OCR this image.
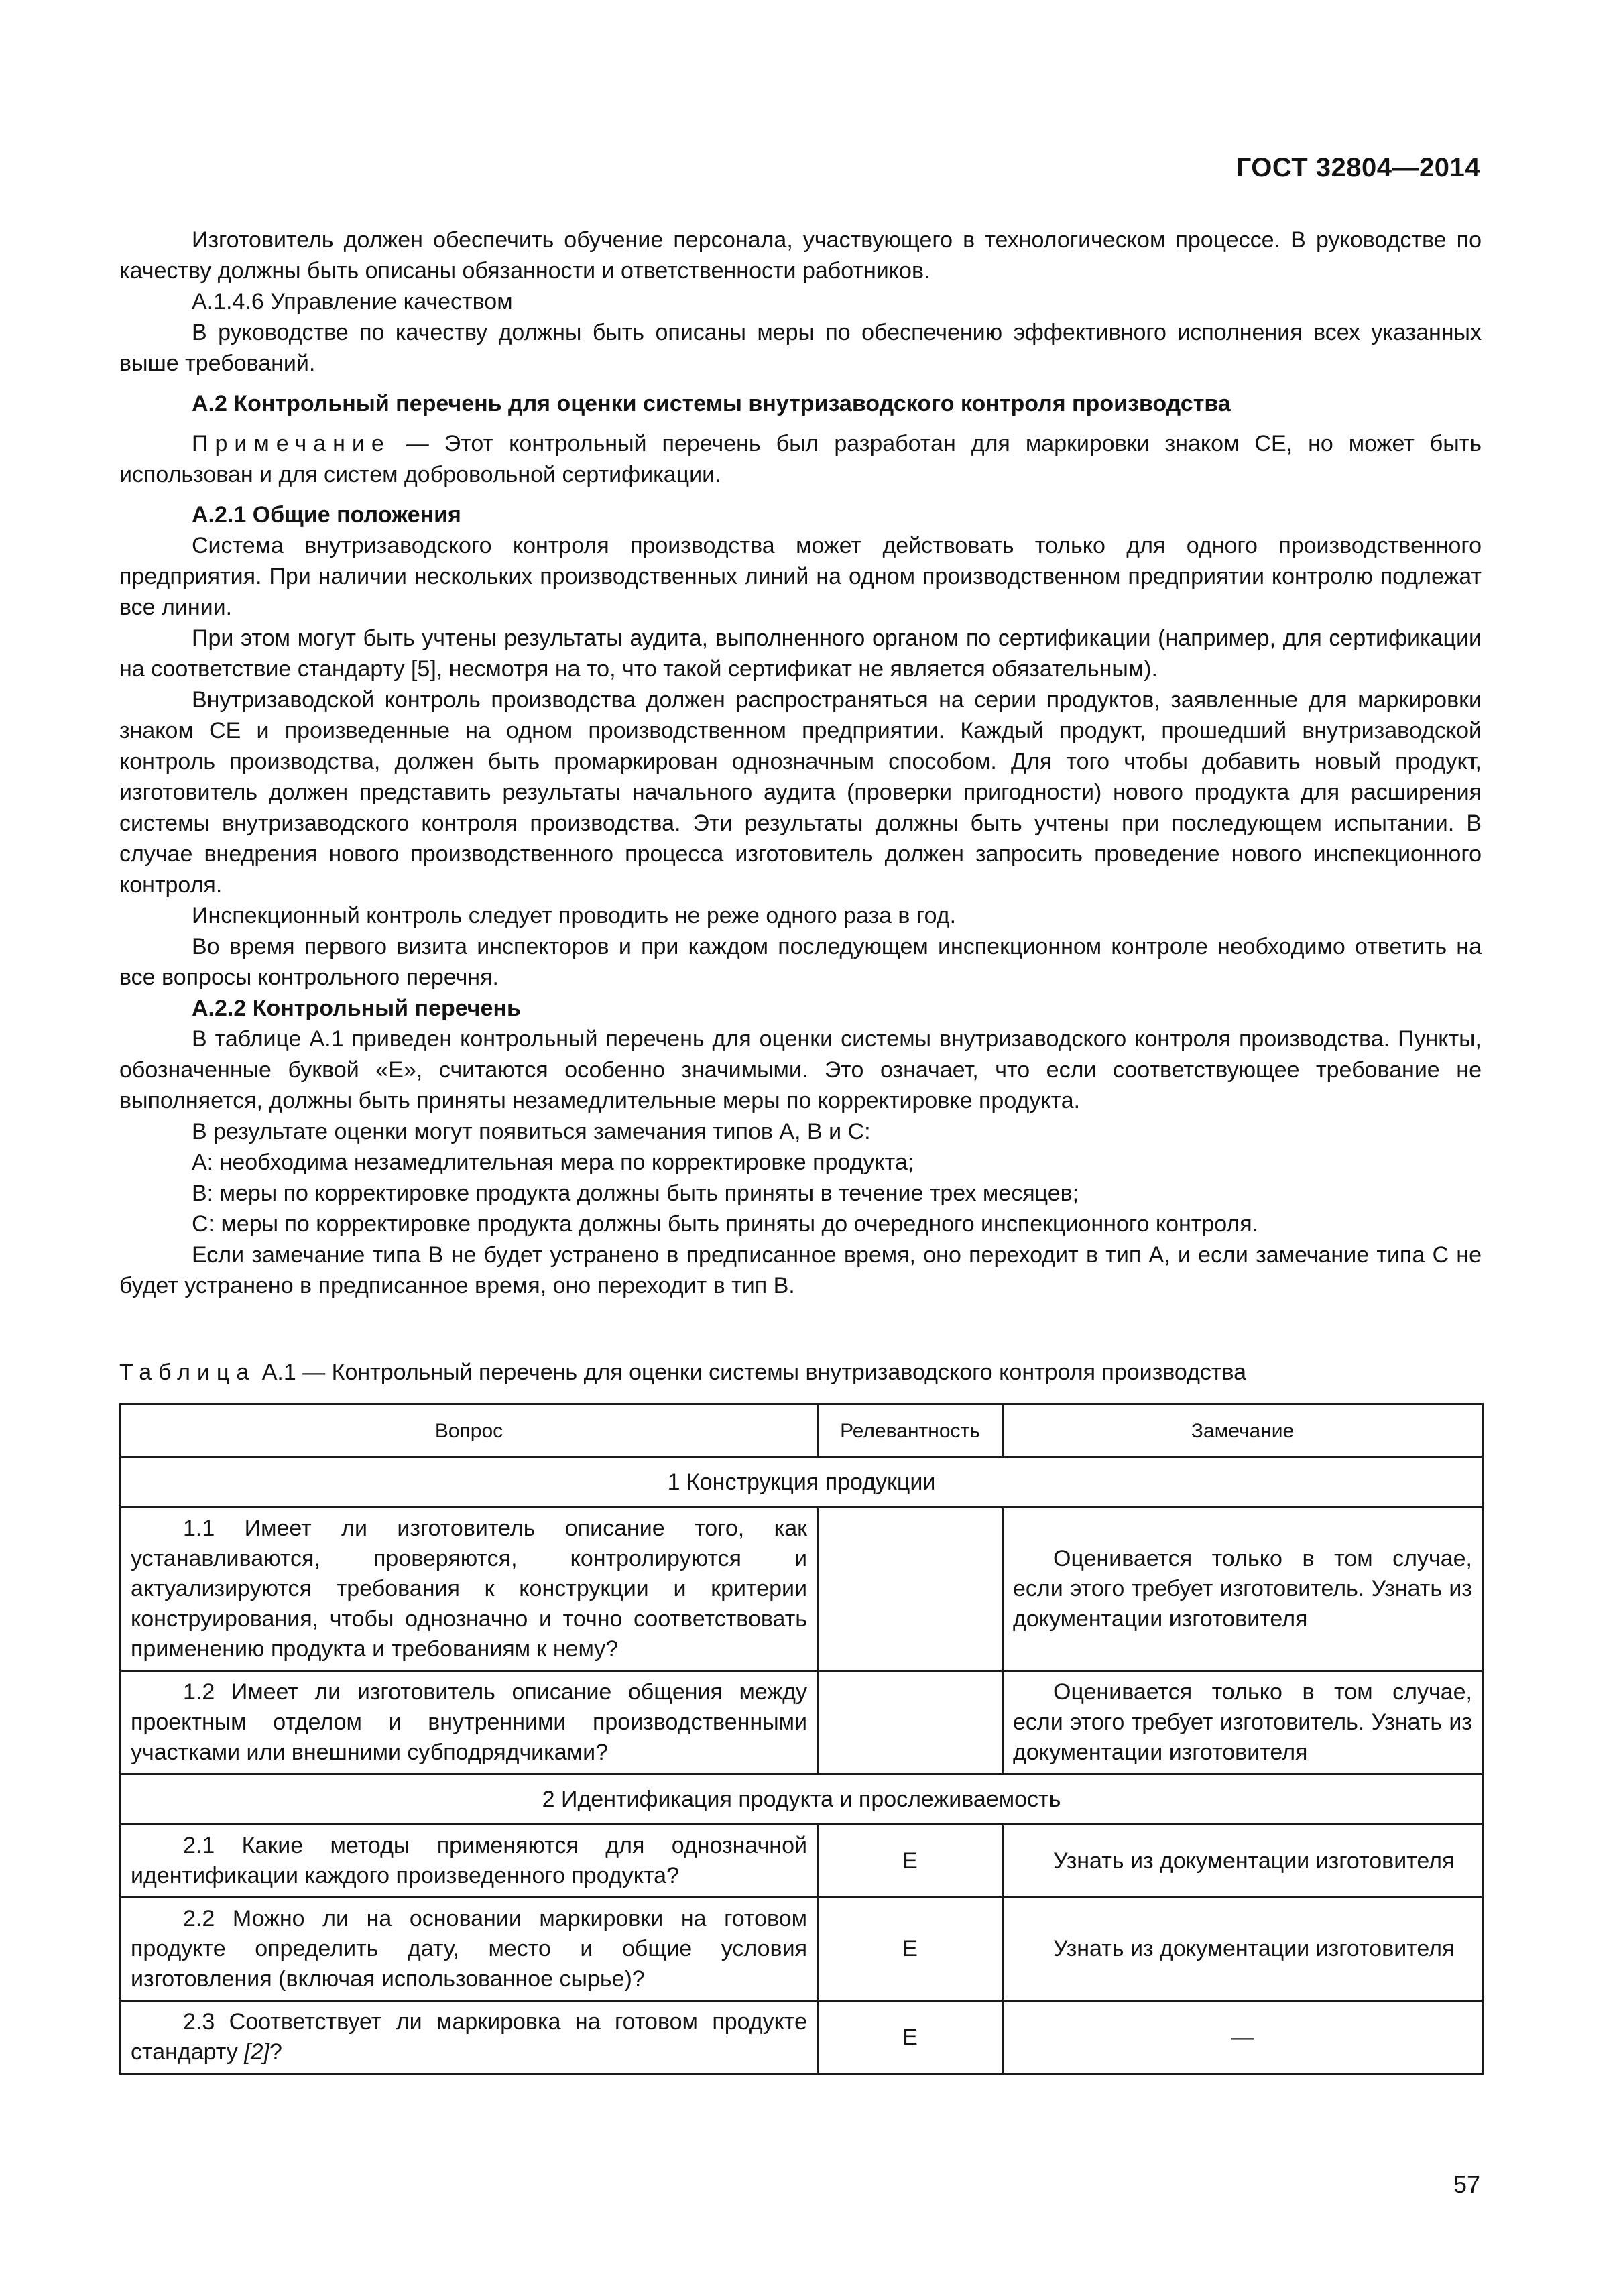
ГОСТ 32804—2014

Изготовитель должен обеспечить обучение персонала, участвующего в технологическом процессе. В руководстве по качеству должны быть описаны обязанности и ответственности работников.

А.1.4.6 Управление качеством

В руководстве по качеству должны быть описаны меры по обеспечению эффективного исполнения всех указанных выше требований.

А.2 Контрольный перечень для оценки системы внутризаводского контроля производства

Примечание — Этот контрольный перечень был разработан для маркировки знаком СЕ, но может быть использован и для систем добровольной сертификации.

А.2.1 Общие положения

Система внутризаводского контроля производства может действовать только для одного производственного предприятия. При наличии нескольких производственных линий на одном производственном предприятии контролю подлежат все линии.

При этом могут быть учтены результаты аудита, выполненного органом по сертификации (например, для сертификации на соответствие стандарту [5], несмотря на то, что такой сертификат не является обязательным).

Внутризаводской контроль производства должен распространяться на серии продуктов, заявленные для маркировки знаком СЕ и произведенные на одном производственном предприятии. Каждый продукт, прошедший внутризаводской контроль производства, должен быть промаркирован однозначным способом. Для того чтобы добавить новый продукт, изготовитель должен представить результаты начального аудита (проверки пригодности) нового продукта для расширения системы внутризаводского контроля производства. Эти результаты должны быть учтены при последующем испытании. В случае внедрения нового производственного процесса изготовитель должен запросить проведение нового инспекционного контроля.

Инспекционный контроль следует проводить не реже одного раза в год.

Во время первого визита инспекторов и при каждом последующем инспекционном контроле необходимо ответить на все вопросы контрольного перечня.

А.2.2 Контрольный перечень

В таблице А.1 приведен контрольный перечень для оценки системы внутризаводского контроля производства. Пункты, обозначенные буквой «Е», считаются особенно значимыми. Это означает, что если соответствующее требование не выполняется, должны быть приняты незамедлительные меры по корректировке продукта.

В результате оценки могут появиться замечания типов А, В и С:

А: необходима незамедлительная мера по корректировке продукта;

В: меры по корректировке продукта должны быть приняты в течение трех месяцев;

С: меры по корректировке продукта должны быть приняты до очередного инспекционного контроля.

Если замечание типа В не будет устранено в предписанное время, оно переходит в тип А, и если замечание типа С не будет устранено в предписанное время, оно переходит в тип В.

Таблица А.1 — Контрольный перечень для оценки системы внутризаводского контроля производства
Вопрос	Релевантность	Замечание
1 Конструкция продукции		
1.1 Имеет ли изготовитель описание того, как устанавливаются, проверяются, контролируются и актуализируются требования к конструкции и критерии конструирования, чтобы однозначно и точно соответствовать применению продукта и требованиям к нему?		Оценивается только в том случае, если этого требует изготовитель. Узнать из документации изготовителя
1.2 Имеет ли изготовитель описание общения между проектным отделом и внутренними производственными участками или внешними субподрядчиками?		Оценивается только в том случае, если этого требует изготовитель. Узнать из документации изготовителя
2 Идентификация продукта и прослеживаемость		
2.1 Какие методы применяются для однозначной идентификации каждого произведенного продукта?	Е	Узнать из документации изготовителя
2.2 Можно ли на основании маркировки на готовом продукте определить дату, место и общие условия изготовления (включая использованное сырье)?	Е	Узнать из документации изготовителя
2.3 Соответствует ли маркировка на готовом продукте стандарту [2]?	Е	—
57
